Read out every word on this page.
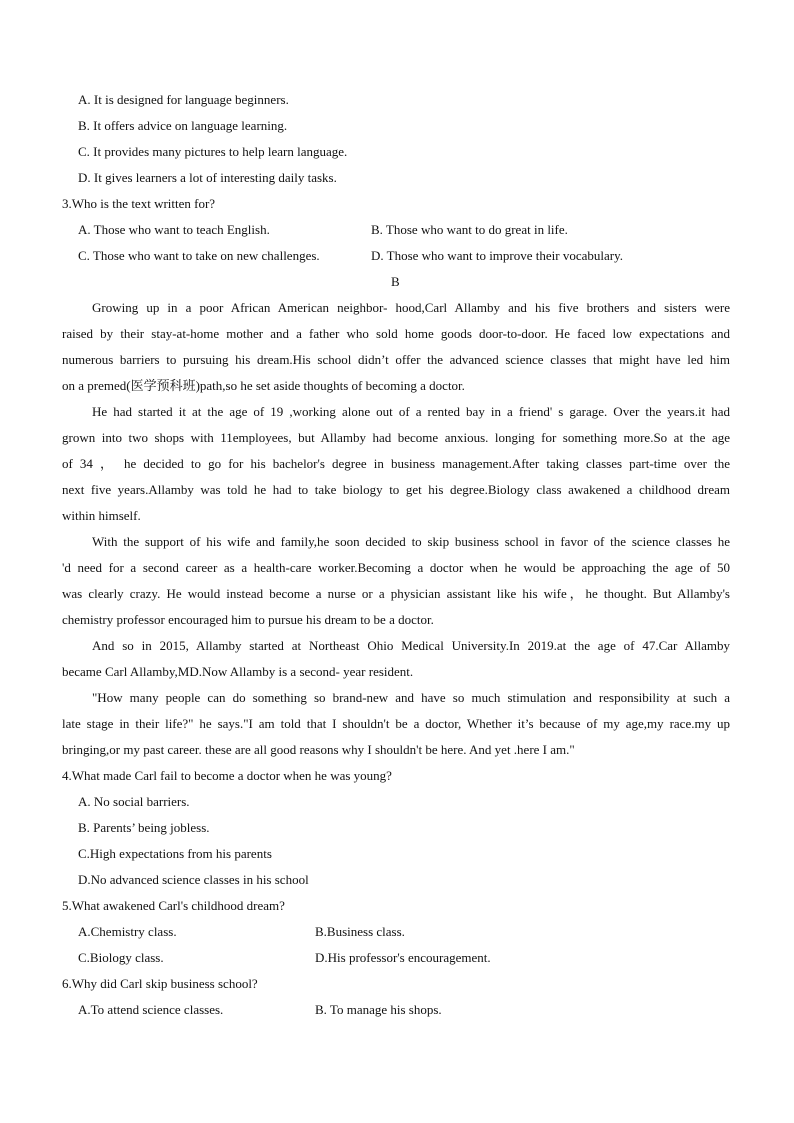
A. It is designed for language beginners.
B. It offers advice on language learning.
C. It provides many pictures to help learn language.
D. It gives learners a lot of interesting daily tasks.
3.Who is the text written for?
A. Those who want to teach English.	B. Those who want to do great in life.
C. Those who want to take on new challenges.	D. Those who want to improve their vocabulary.
B
Growing up in a poor African American neighbor- hood,Carl Allamby and his five brothers and sisters were
raised by their stay-at-home mother and a father who sold home goods door-to-door. He faced low expectations and
numerous barriers to pursuing his dream.His school didn’t offer the advanced science classes that might have led him
on a premed(医学预科班)path,so he set aside thoughts of becoming a doctor.
He had started it at the age of 19 ,working alone out of a rented bay in a friend' s garage. Over the years.it had
grown into two shops with 11employees, but Allamby had become anxious. longing for something more.So at the age
of 34 ， he decided to go for his bachelor's degree in business management.After taking classes part-time over the
next five years.Allamby was told he had to take biology to get his degree.Biology class awakened a childhood dream
within himself.
With the support of his wife and family,he soon decided to skip business school in favor of the science classes he
'd need for a second career as a health-care worker.Becoming a doctor when he would be approaching the age of 50
was clearly crazy. He would instead become a nurse or a physician assistant like his wife，he thought. But Allamby's
chemistry professor encouraged him to pursue his dream to be a doctor.
And so in 2015, Allamby started at Northeast Ohio Medical University.In 2019.at the age of 47.Car Allamby
became Carl Allamby,MD.Now Allamby is a second- year resident.
"How many people can do something so brand-new and have so much stimulation and responsibility at such a
late stage in their life?" he says."I am told that I shouldn't be a doctor, Whether it’s because of my age,my race.my up
bringing,or my past career. these are all good reasons why I shouldn't be here. And yet .here I am."
4.What made Carl fail to become a doctor when he was young?
A. No social barriers.
B. Parents’ being jobless.
C.High expectations from his parents
D.No advanced science classes in his school
5.What awakened Carl's childhood dream?
A.Chemistry class.	B.Business class.
C.Biology class.	D.His professor's encouragement.
6.Why did Carl skip business school?
A.To attend science classes.	B. To manage his shops.
